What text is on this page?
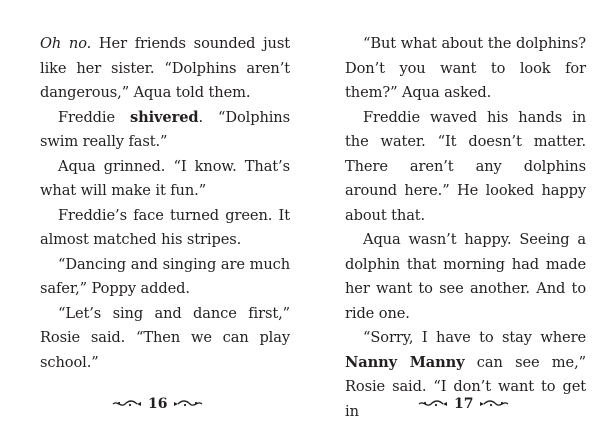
Oh no. Her friends sounded just like her sister. “Dolphins aren’t dangerous,” Aqua told them.

Freddie shivered. “Dolphins swim really fast.”

Aqua grinned. “I know. That’s what will make it fun.”

Freddie’s face turned green. It almost matched his stripes.

“Dancing and singing are much safer,” Poppy added.

“Let’s sing and dance first,” Rosie said. “Then we can play school.”

“But what about the dolphins? Don’t you want to look for them?” Aqua asked.

Freddie waved his hands in the water. “It doesn’t matter. There aren’t any dolphins around here.” He looked happy about that.

Aqua wasn’t happy. Seeing a dolphin that morning had made her want to see another. And to ride one.

“Sorry, I have to stay where Nanny Manny can see me,” Rosie said. “I don’t want to get in

16	17
